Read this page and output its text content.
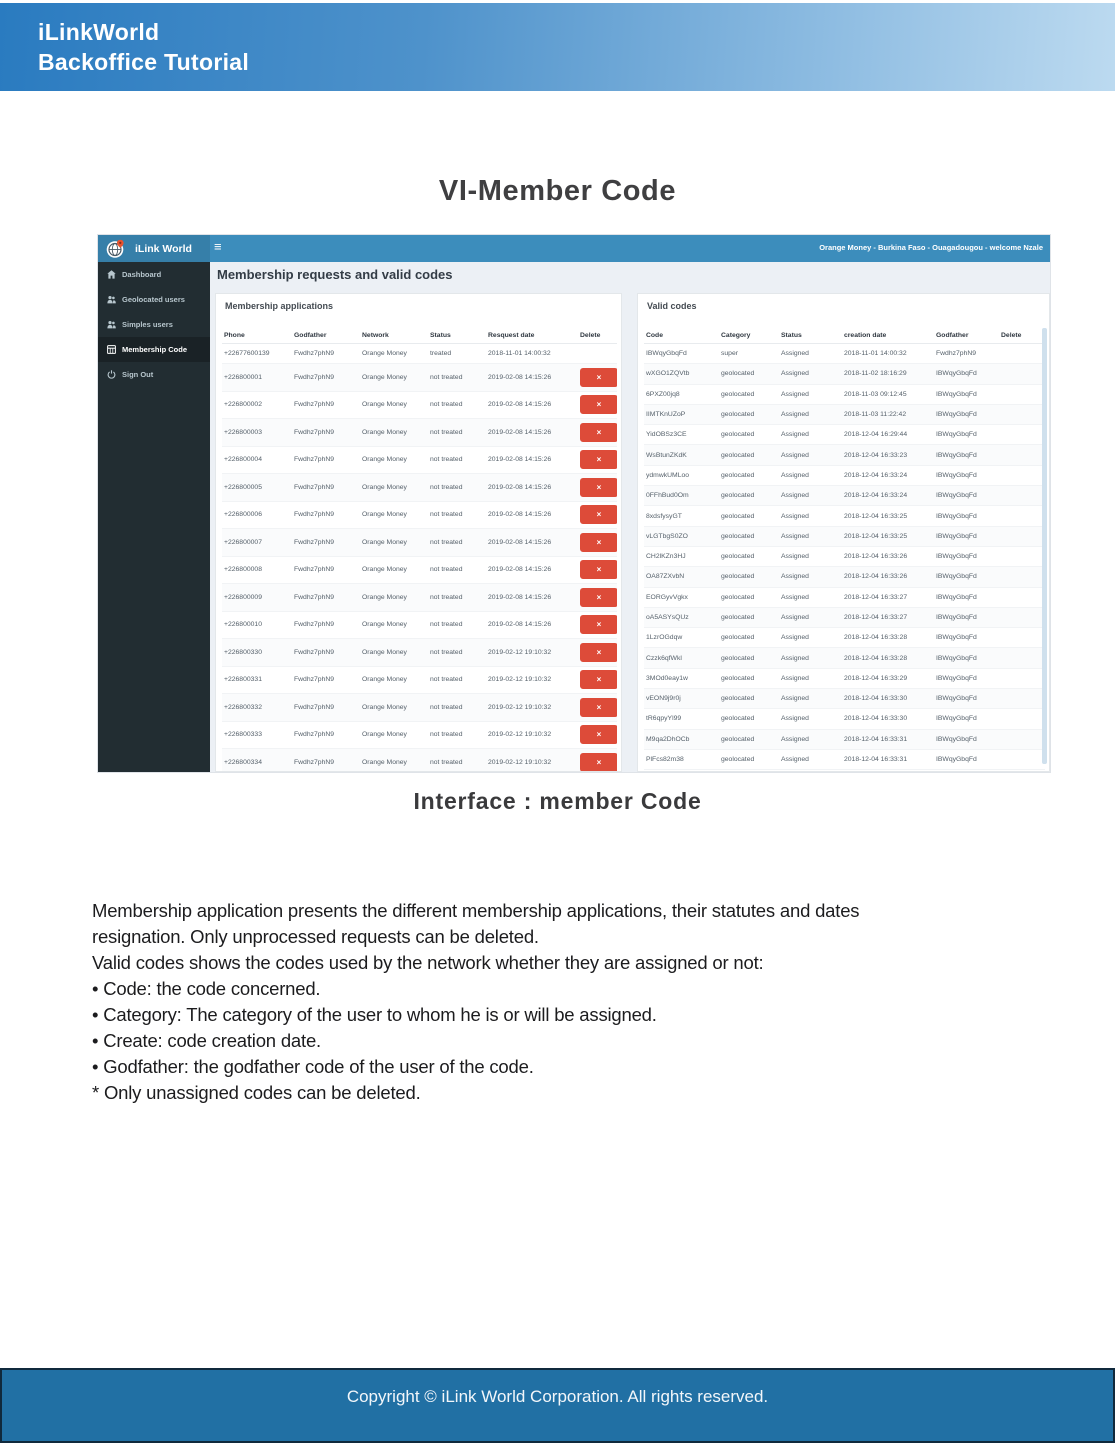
iLinkWorld
Backoffice Tutorial
VI-Member Code
iLink World ≡	Orange Money - Burkina Faso - Ouagadougou - welcome Nzale
Dashboard
Geolocated users
Simples users
Membership Code
Sign Out
Membership requests and valid codes
Membership applications
Phone	Godfather	Network	Status	Resquest date	Delete
+22677600139	Fwdhz7phN9	Orange Money	treated	2018-11-01 14:00:32	
+226800001	Fwdhz7phN9	Orange Money	not treated	2019-02-08 14:15:26	×
+226800002	Fwdhz7phN9	Orange Money	not treated	2019-02-08 14:15:26	×
+226800003	Fwdhz7phN9	Orange Money	not treated	2019-02-08 14:15:26	×
+226800004	Fwdhz7phN9	Orange Money	not treated	2019-02-08 14:15:26	×
+226800005	Fwdhz7phN9	Orange Money	not treated	2019-02-08 14:15:26	×
+226800006	Fwdhz7phN9	Orange Money	not treated	2019-02-08 14:15:26	×
+226800007	Fwdhz7phN9	Orange Money	not treated	2019-02-08 14:15:26	×
+226800008	Fwdhz7phN9	Orange Money	not treated	2019-02-08 14:15:26	×
+226800009	Fwdhz7phN9	Orange Money	not treated	2019-02-08 14:15:26	×
+226800010	Fwdhz7phN9	Orange Money	not treated	2019-02-08 14:15:26	×
+226800330	Fwdhz7phN9	Orange Money	not treated	2019-02-12 19:10:32	×
+226800331	Fwdhz7phN9	Orange Money	not treated	2019-02-12 19:10:32	×
+226800332	Fwdhz7phN9	Orange Money	not treated	2019-02-12 19:10:32	×
+226800333	Fwdhz7phN9	Orange Money	not treated	2019-02-12 19:10:32	×
+226800334	Fwdhz7phN9	Orange Money	not treated	2019-02-12 19:10:32	×
Valid codes
Code	Category	Status	creation date	Godfather	Delete
IBWqyGbqFd	super	Assigned	2018-11-01 14:00:32	Fwdhz7phN9	
wXGO1ZQVtb	geolocated	Assigned	2018-11-02 18:16:29	IBWqyGbqFd	
6PXZ00jq8	geolocated	Assigned	2018-11-03 09:12:45	IBWqyGbqFd	
IIMTKnUZoP	geolocated	Assigned	2018-11-03 11:22:42	IBWqyGbqFd	
YidOBSz3CE	geolocated	Assigned	2018-12-04 16:29:44	IBWqyGbqFd	
WsBtunZKdK	geolocated	Assigned	2018-12-04 16:33:23	IBWqyGbqFd	
ydmwkUMLoo	geolocated	Assigned	2018-12-04 16:33:24	IBWqyGbqFd	
0FFhBud0Om	geolocated	Assigned	2018-12-04 16:33:24	IBWqyGbqFd	
8xdsfysyGT	geolocated	Assigned	2018-12-04 16:33:25	IBWqyGbqFd	
vLGTbgS0ZO	geolocated	Assigned	2018-12-04 16:33:25	IBWqyGbqFd	
CH2lKZn3HJ	geolocated	Assigned	2018-12-04 16:33:26	IBWqyGbqFd	
OA87ZXvbN	geolocated	Assigned	2018-12-04 16:33:26	IBWqyGbqFd	
EORGyvVgkx	geolocated	Assigned	2018-12-04 16:33:27	IBWqyGbqFd	
oA5ASYsQUz	geolocated	Assigned	2018-12-04 16:33:27	IBWqyGbqFd	
1LzrOGdqw	geolocated	Assigned	2018-12-04 16:33:28	IBWqyGbqFd	
Czzk6qfWkl	geolocated	Assigned	2018-12-04 16:33:28	IBWqyGbqFd	
3MOd0eay1w	geolocated	Assigned	2018-12-04 16:33:29	IBWqyGbqFd	
vEON9j9r0j	geolocated	Assigned	2018-12-04 16:33:30	IBWqyGbqFd	
tR6qpyYl99	geolocated	Assigned	2018-12-04 16:33:30	IBWqyGbqFd	
M9qa2DhOCb	geolocated	Assigned	2018-12-04 16:33:31	IBWqyGbqFd	
PlFcs82m38	geolocated	Assigned	2018-12-04 16:33:31	IBWqyGbqFd	
Interface : member Code
Membership application presents the different membership applications, their statutes and dates
resignation. Only unprocessed requests can be deleted.
Valid codes shows the codes used by the network whether they are assigned or not:
• Code: the code concerned.
• Category: The category of the user to whom he is or will be assigned.
• Create: code creation date.
• Godfather: the godfather code of the user of the code.
* Only unassigned codes can be deleted.
Copyright © iLink World Corporation. All rights reserved.
